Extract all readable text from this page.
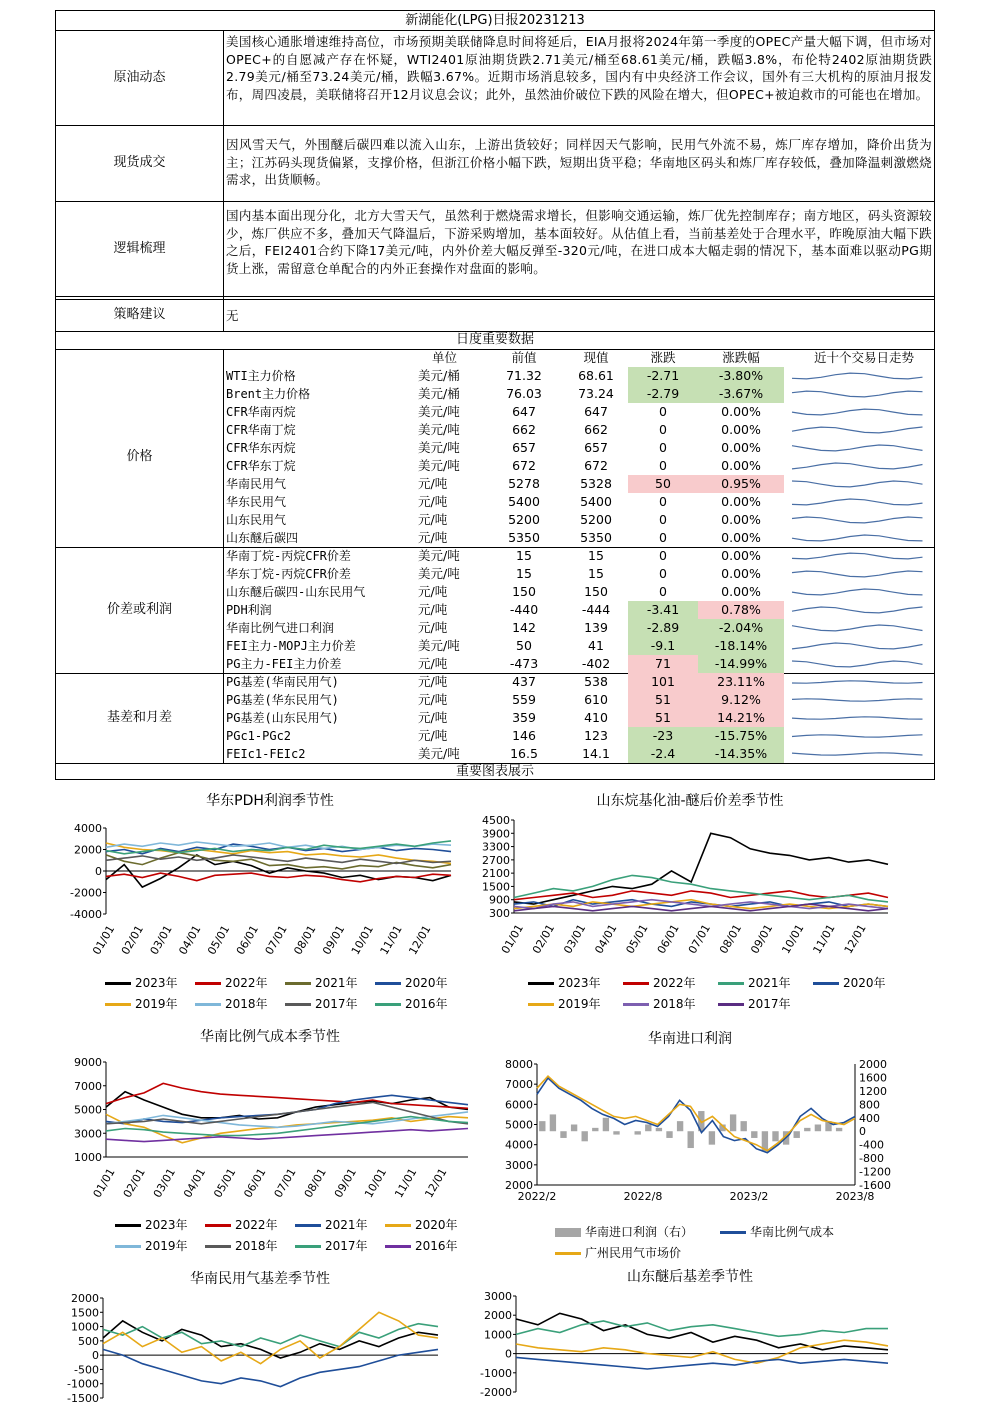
新湖能化(LPG)日报20231213
原油动态
美国核心通胀增速维持高位，市场预期美联储降息时间将延后，EIA月报将2024年第一季度的OPEC产量大幅下调，但市场对OPEC+的自愿减产存在怀疑，WTI2401原油期货跌2.71美元/桶至68.61美元/桶，跌幅3.8%，布伦特2402原油期货跌2.79美元/桶至73.24美元/桶，跌幅3.67%。近期市场消息较多，国内有中央经济工作会议，国外有三大机构的原油月报发布，周四凌晨，美联储将召开12月议息会议；此外，虽然油价破位下跌的风险在增大，但OPEC+被迫救市的可能也在增加。
现货成交
因风雪天气，外围醚后碳四难以流入山东，上游出货较好；同样因天气影响，民用气外流不易，炼厂库存增加，降价出货为主；江苏码头现货偏紧，支撑价格，但浙江价格小幅下跌，短期出货平稳；华南地区码头和炼厂库存较低，叠加降温刺激燃烧需求，出货顺畅。
逻辑梳理
国内基本面出现分化，北方大雪天气，虽然利于燃烧需求增长，但影响交通运输，炼厂优先控制库存；南方地区，码头资源较少，炼厂供应不多，叠加天气降温后，下游采购增加，基本面较好。从估值上看，当前基差处于合理水平，昨晚原油大幅下跌之后，FEI2401合约下降17美元/吨，内外价差大幅反弹至-320元/吨，在进口成本大幅走弱的情况下，基本面难以驱动PG期货上涨，需留意仓单配合的内外正套操作对盘面的影响。
策略建议	无
日度重要数据
单位	前值	现值	涨跌	涨跌幅	近十个交易日走势
价格
WTI主力价格	美元/桶	71.32	68.61	-2.71	-3.80%
Brent主力价格	美元/桶	76.03	73.24	-2.79	-3.67%
CFR华南丙烷	美元/吨	647	647	0	0.00%
CFR华南丁烷	美元/吨	662	662	0	0.00%
CFR华东丙烷	美元/吨	657	657	0	0.00%
CFR华东丁烷	美元/吨	672	672	0	0.00%
华南民用气	元/吨	5278	5328	50	0.95%
华东民用气	元/吨	5400	5400	0	0.00%
山东民用气	元/吨	5200	5200	0	0.00%
山东醚后碳四	元/吨	5350	5350	0	0.00%
价差或利润
华南丁烷-丙烷CFR价差	美元/吨	15	15	0	0.00%
华东丁烷-丙烷CFR价差	美元/吨	15	15	0	0.00%
山东醚后碳四-山东民用气	元/吨	150	150	0	0.00%
PDH利润	元/吨	-440	-444	-3.41	0.78%
华南比例气进口利润	元/吨	142	139	-2.89	-2.04%
FEI主力-MOPJ主力价差	美元/吨	50	41	-9.1	-18.14%
PG主力-FEI主力价差	元/吨	-473	-402	71	-14.99%
基差和月差
PG基差(华南民用气)	元/吨	437	538	101	23.11%
PG基差(华东民用气)	元/吨	559	610	51	9.12%
PG基差(山东民用气)	元/吨	359	410	51	14.21%
PGc1-PGc2	元/吨	146	123	-23	-15.75%
FEIc1-FEIc2	美元/吨	16.5	14.1	-2.4	-14.35%
重要图表展示
华东PDH利润季节性
4000
2000
0
-2000
-4000
01/01 02/01 03/01 04/01 05/01 06/01 07/01 08/01 09/01 10/01 11/01 12/01
2023年	2022年	2021年	2020年
2019年	2018年	2017年	2016年
山东烷基化油-醚后价差季节性
4500
3900
3300
2700
2100
1500
900
300
01/01 02/01 03/01 04/01 05/01 06/01 07/01 08/01 09/01 10/01 11/01 12/01
2023年	2022年	2021年	2020年
2019年	2018年	2017年
华南比例气成本季节性
9000
7000
5000
3000
1000
01/01 02/01 03/01 04/01 05/01 06/01 07/01 08/01 09/01 10/01 11/01 12/01
2023年	2022年	2021年	2020年
2019年	2018年	2017年	2016年
华南进口利润
8000
7000
6000
5000
4000
3000
2000
2000
1600
1200
800
400
0
-400
-800
-1200
-1600
2022/2	2022/8	2023/2	2023/8
华南进口利润（右）	华南比例气成本
广州民用气市场价
华南民用气基差季节性
2000
1500
1000
500
0
-500
-1000
-1500
山东醚后基差季节性
3000
2000
1000
0
-1000
-2000
